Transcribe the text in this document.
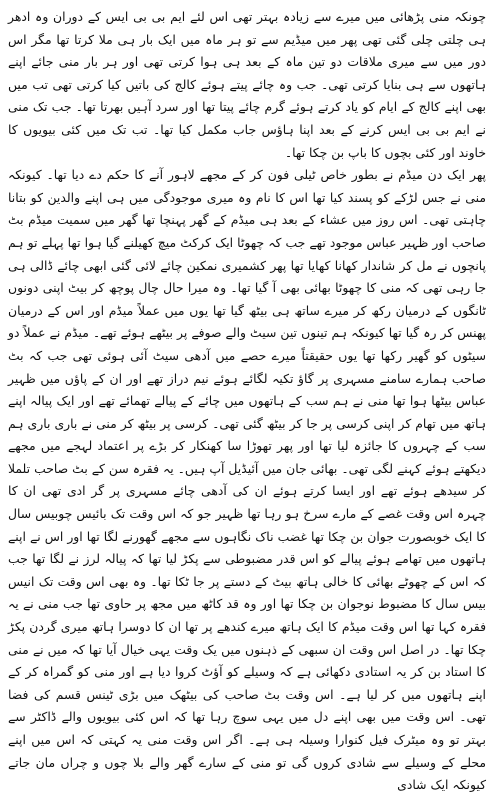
چونکہ منی پڑھائی میں میرے سے زیادہ بہتر تھی اس لئے ایم بی بی ایس کے دوران وہ ادھر ہی چلتی چلی گئی تھی پھر میں میڈیم سے تو ہر ماہ میں ایک بار ہی ملا کرتا تھا مگر اس دور میں سے میری ملاقات دو تین ماہ کے بعد ہی ہوا کرتی تھی اور ہر بار منی جائے اپنے ہاتھوں سے ہی بنایا کرتی تھی۔ جب وہ چائے پیتے ہوئے کالج کی باتیں کیا کرتی تھی تب میں بھی اپنے کالج کے ایام کو یاد کرتے ہوئے گرم چائے پیتا تھا اور سرد آہیں بھرتا تھا۔ جب تک منی نے ایم بی بی ایس کرنے کے بعد اپنا ہاؤس جاب مکمل کیا تھا۔ تب تک میں کئی بیویوں کا خاوند اور کئی بچوں کا باپ بن چکا تھا۔

پھر ایک دن میڈم نے بطور خاص ٹیلی فون کر کے مجھے لاہور آنے کا حکم دے دیا تھا۔ کیونکہ منی نے جس لڑکے کو پسند کیا تھا اس کا نام وہ میری موجودگی میں ہی اپنے والدین کو بتانا چاہتی تھی۔ اس روز میں عشاء کے بعد ہی میڈم کے گھر پہنچا تھا گھر میں سمیت میڈم بٹ صاحب اور ظہیر عباس موجود تھے جب کہ چھوٹا ایک کرکٹ میچ کھیلنے گیا ہوا تھا پہلے تو ہم پانچوں نے مل کر شاندار کھانا کھایا تھا پھر کشمیری نمکین چائے لائی گئی ابھی چائے ڈالی ہی جا رہی تھی کہ منی کا چھوٹا بھائی بھی آ گیا تھا۔ وہ میرا حال چال پوچھ کر بیٹ اپنی دونوں ٹانگوں کے درمیان رکھ کر میرے ساتھ ہی بیٹھ گیا تھا یوں میں عملاً میڈم اور اس کے درمیان پھنس کر رہ گیا تھا کیونکہ ہم تینوں تین سیٹ والے صوفے پر بیٹھے ہوئے تھے۔ میڈم نے عملاً دو سیٹوں کو گھیر رکھا تھا یوں حقیقتاً میرے حصے میں آدھی سیٹ آئی ہوئی تھی جب کہ بٹ صاحب ہمارے سامنے مسہری پر گاؤ تکیہ لگائے ہوئے نیم دراز تھے اور ان کے پاؤں میں ظہیر عباس بیٹھا ہوا تھا منی نے ہم سب کے ہاتھوں میں چائے کے پیالے تھمائے تھے اور ایک پیالہ اپنے ہاتھ میں تھام کر اپنی کرسی پر جا کر بیٹھ گئی تھی۔ کرسی پر بیٹھ کر منی نے باری باری ہم سب کے چہروں کا جائزہ لیا تھا اور پھر تھوڑا سا کھنکار کر بڑے پر اعتماد لہجے میں مجھے دیکھتے ہوئے کہنے لگی تھی۔ بھائی جان میں آئیڈیل آپ ہیں۔ یہ فقرہ سن کے بٹ صاحب تلملا کر سیدھے ہوئے تھے اور ایسا کرتے ہوئے ان کی آدھی چائے مسہری پر گر ادی تھی ان کا چہرہ اس وقت غصے کے مارے سرخ ہو رہا تھا ظہیر جو کہ اس وقت تک بائیس چوبیس سال کا ایک خوبصورت جوان بن چکا تھا غضب ناک نگاہوں سے مجھے گھورنے لگا تھا اور اس نے اپنے ہاتھوں میں تھامے ہوئے پیالے کو اس قدر مضبوطی سے پکڑ لیا تھا کہ پیالہ لرز نے لگا تھا جب کہ اس کے چھوٹے بھائی کا خالی ہاتھ بیٹ کے دستے پر جا ٹکا تھا۔ وہ بھی اس وقت تک انیس بیس سال کا مضبوط نوجوان بن چکا تھا اور وہ قد کاٹھ میں مجھ پر حاوی تھا جب منی نے یہ فقرہ کہا تھا اس وقت میڈم کا ایک ہاتھ میرے کندھے پر تھا ان کا دوسرا ہاتھ میری گردن پکڑ چکا تھا۔ در اصل اس وقت ان سبھی کے ذہنوں میں یک وقت یہی خیال آیا تھا کہ میں نے منی کا استاد بن کر یہ استادی دکھائی ہے کہ وسیلے کو آؤٹ کروا دیا ہے اور منی کو گمراہ کر کے اپنے ہاتھوں میں کر لیا ہے۔ اس وقت بٹ صاحب کی بیٹھک میں بڑی ٹینس قسم کی فضا تھی۔ اس وقت میں بھی اپنے دل میں یہی سوچ رہا تھا کہ اس کئی بیویوں والے ڈاکٹر سے بہتر تو وہ میٹرک فیل کنوارا وسیلہ ہی ہے۔ اگر اس وقت منی یہ کہتی کہ اس میں اپنے محلے کے وسیلے سے شادی کروں گی تو منی کے سارے گھر والے بلا چوں و چراں مان جاتے کیونکہ ایک شادی
